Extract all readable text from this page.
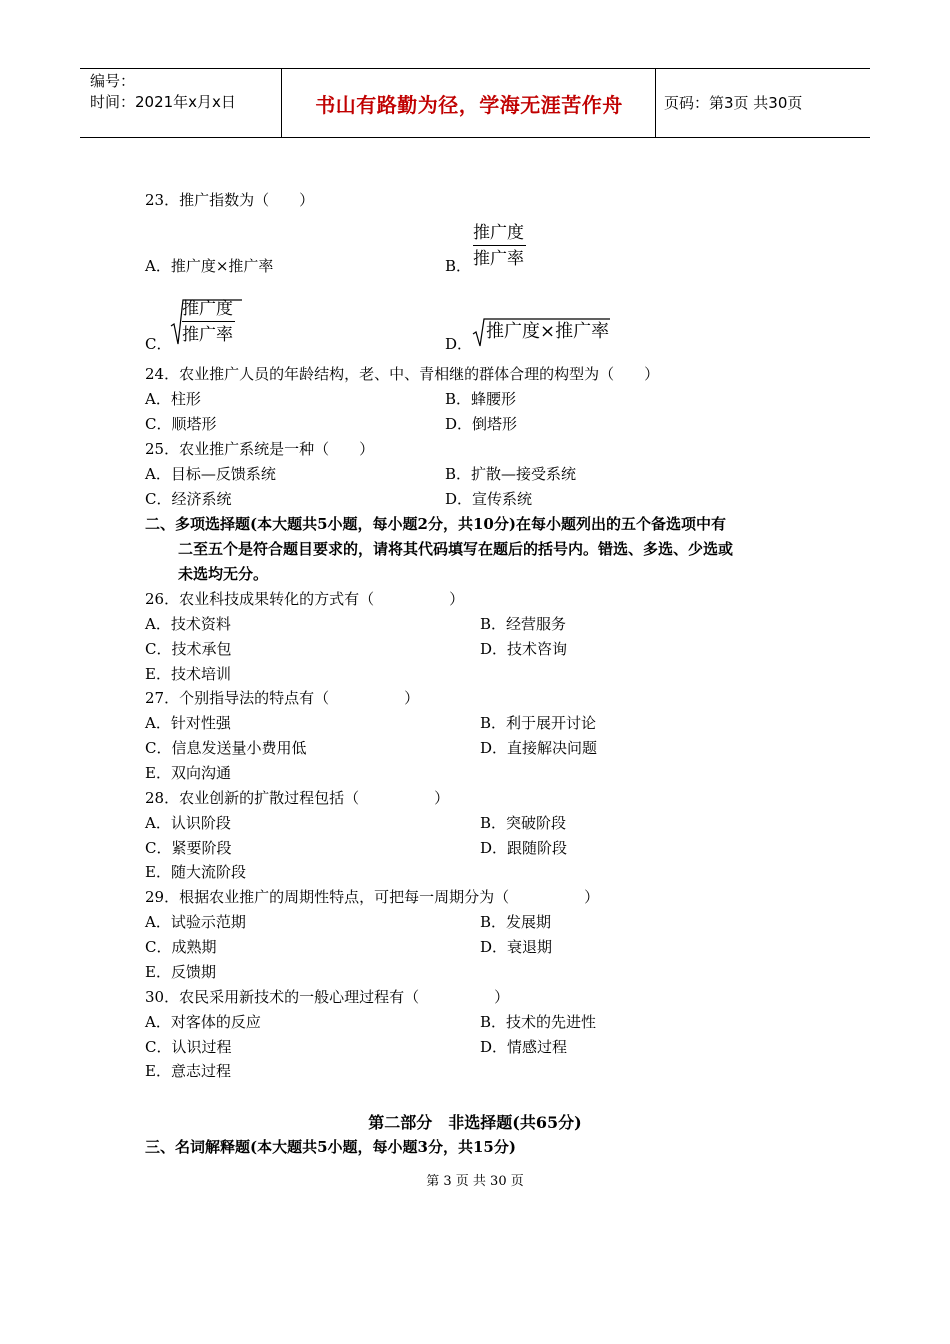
编号：
时间：2021年x月x日	书山有路勤为径，学海无涯苦作舟	页码：第3页 共30页
23．推广指数为（　　）
A．推广度×推广率	B．
推广度
推广率
C．
推广度
推广率	D．
推广度×推广率
24．农业推广人员的年龄结构，老、中、青相继的群体合理的构型为（　　）
A．柱形	B．蜂腰形
C．顺塔形	D．倒塔形
25．农业推广系统是一种（　　）
A．目标—反馈系统	B．扩散—接受系统
C．经济系统	D．宣传系统
二、多项选择题(本大题共5小题，每小题2分，共10分)在每小题列出的五个备选项中有
二至五个是符合题目要求的，请将其代码填写在题后的括号内。错选、多选、少选或
未选均无分。
26．农业科技成果转化的方式有（　　　　　）
A．技术资料	B．经营服务
C．技术承包	D．技术咨询
E．技术培训
27．个别指导法的特点有（　　　　　）
A．针对性强	B．利于展开讨论
C．信息发送量小费用低	D．直接解决问题
E．双向沟通
28．农业创新的扩散过程包括（　　　　　）
A．认识阶段	B．突破阶段
C．紧要阶段	D．跟随阶段
E．随大流阶段
29．根据农业推广的周期性特点，可把每一周期分为（　　　　　）
A．试验示范期	B．发展期
C．成熟期	D．衰退期
E．反馈期
30．农民采用新技术的一般心理过程有（　　　　　）
A．对客体的反应	B．技术的先进性
C．认识过程	D．情感过程
E．意志过程
第二部分　非选择题(共65分)
三、名词解释题(本大题共5小题，每小题3分，共15分)
第 3 页 共 30 页
